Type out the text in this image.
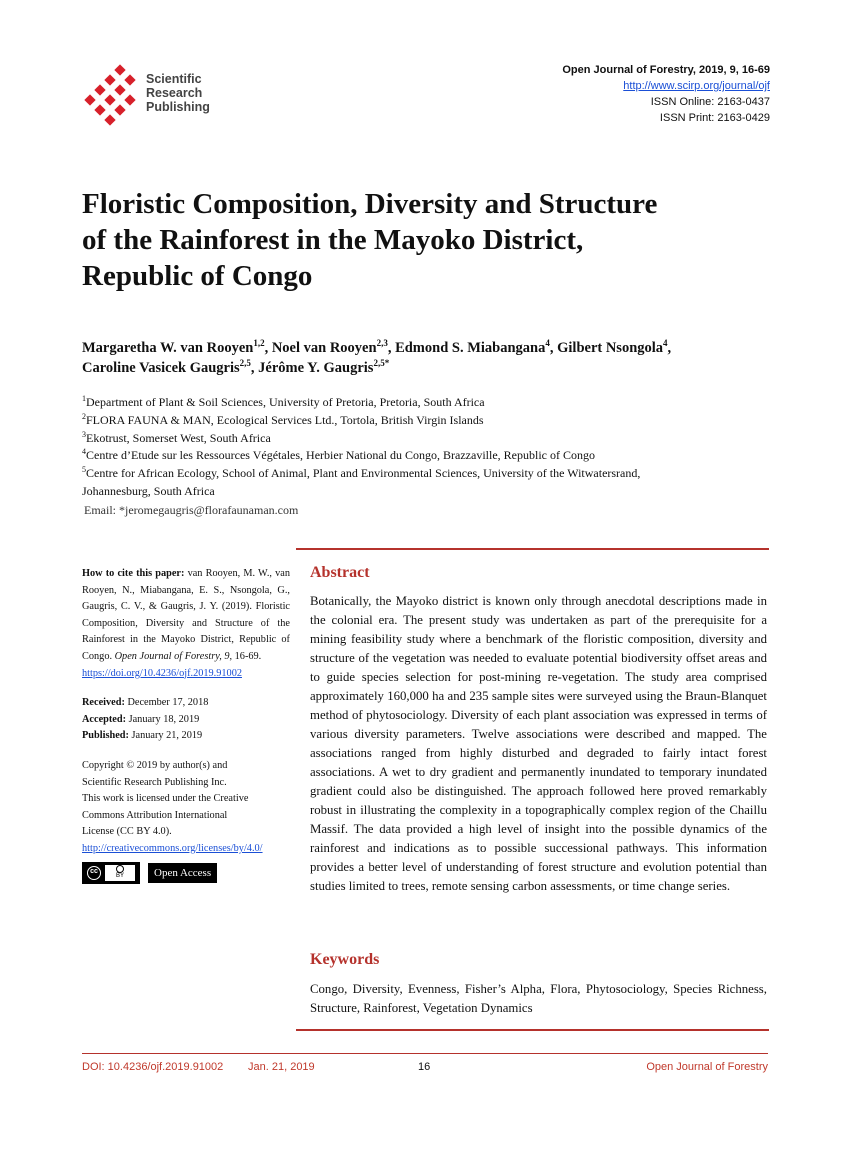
Scientific
Research
Publishing
Open Journal of Forestry, 2019, 9, 16-69
http://www.scirp.org/journal/ojf
ISSN Online: 2163-0437
ISSN Print: 2163-0429
Floristic Composition, Diversity and Structure
of the Rainforest in the Mayoko District,
Republic of Congo
Margaretha W. van Rooyen$^{1,2}$, Noel van Rooyen$^{2,3}$, Edmond S. Miabangana$^4$, Gilbert Nsongola$^4$,
Caroline Vasicek Gaugris$^{2,5}$, Jérôme Y. Gaugris$^{2,5*}$
$^1$Department of Plant & Soil Sciences, University of Pretoria, Pretoria, South Africa
$^2$FLORA FAUNA & MAN, Ecological Services Ltd., Tortola, British Virgin Islands
$^3$Ekotrust, Somerset West, South Africa
$^4$Centre d’Etude sur les Ressources Végétales, Herbier National du Congo, Brazzaville, Republic of Congo
$^5$Centre for African Ecology, School of Animal, Plant and Environmental Sciences, University of the Witwatersrand,
Johannesburg, South Africa
Email: *jeromegaugris@florafaunaman.com

How to cite this paper: van Rooyen, M. W., van Rooyen, N., Miabangana, E. S., Nsongola, G., Gaugris, C. V., & Gaugris, J. Y. (2019). Floristic Composition, Diversity and Structure of the Rainforest in the Mayoko District, Republic of Congo. Open Journal of Forestry, 9, 16-69.
https://doi.org/10.4236/ojf.2019.91002

Received: December 17, 2018

Accepted: January 18, 2019

Published: January 21, 2019

Copyright © 2019 by author(s) and

Scientific Research Publishing Inc.

This work is licensed under the Creative

Commons Attribution International

License (CC BY 4.0).

http://creativecommons.org/licenses/by/4.0/

cc
BY	Open Access
Abstract
Botanically, the Mayoko district is known only through anecdotal descriptions made in the colonial era. The present study was undertaken as part of the prerequisite for a mining feasibility study where a benchmark of the floristic composition, diversity and structure of the vegetation was needed to evaluate potential biodiversity offset areas and to guide species selection for post-mining re-vegetation. The study area comprised approximately 160,000 ha and 235 sample sites were surveyed using the Braun-Blanquet method of phytosociology. Diversity of each plant association was expressed in terms of various diversity parameters. Twelve associations were described and mapped. The associations ranged from highly disturbed and degraded to fairly intact forest associations. A wet to dry gradient and permanently inundated to temporary inundated gradient could also be distinguished. The approach followed here proved remarkably robust in illustrating the complexity in a topographically complex region of the Chaillu Massif. The data provided a high level of insight into the possible dynamics of the rainforest and indications as to possible successional pathways. This information provides a better level of understanding of forest structure and evolution potential than studies limited to trees, remote sensing carbon assessments, or time change series.
Keywords
Congo, Diversity, Evenness, Fisher’s Alpha, Flora, Phytosociology, Species Richness, Structure, Rainforest, Vegetation Dynamics
DOI: 10.4236/ojf.2019.91002 Jan. 21, 2019	16	Open Journal of Forestry
